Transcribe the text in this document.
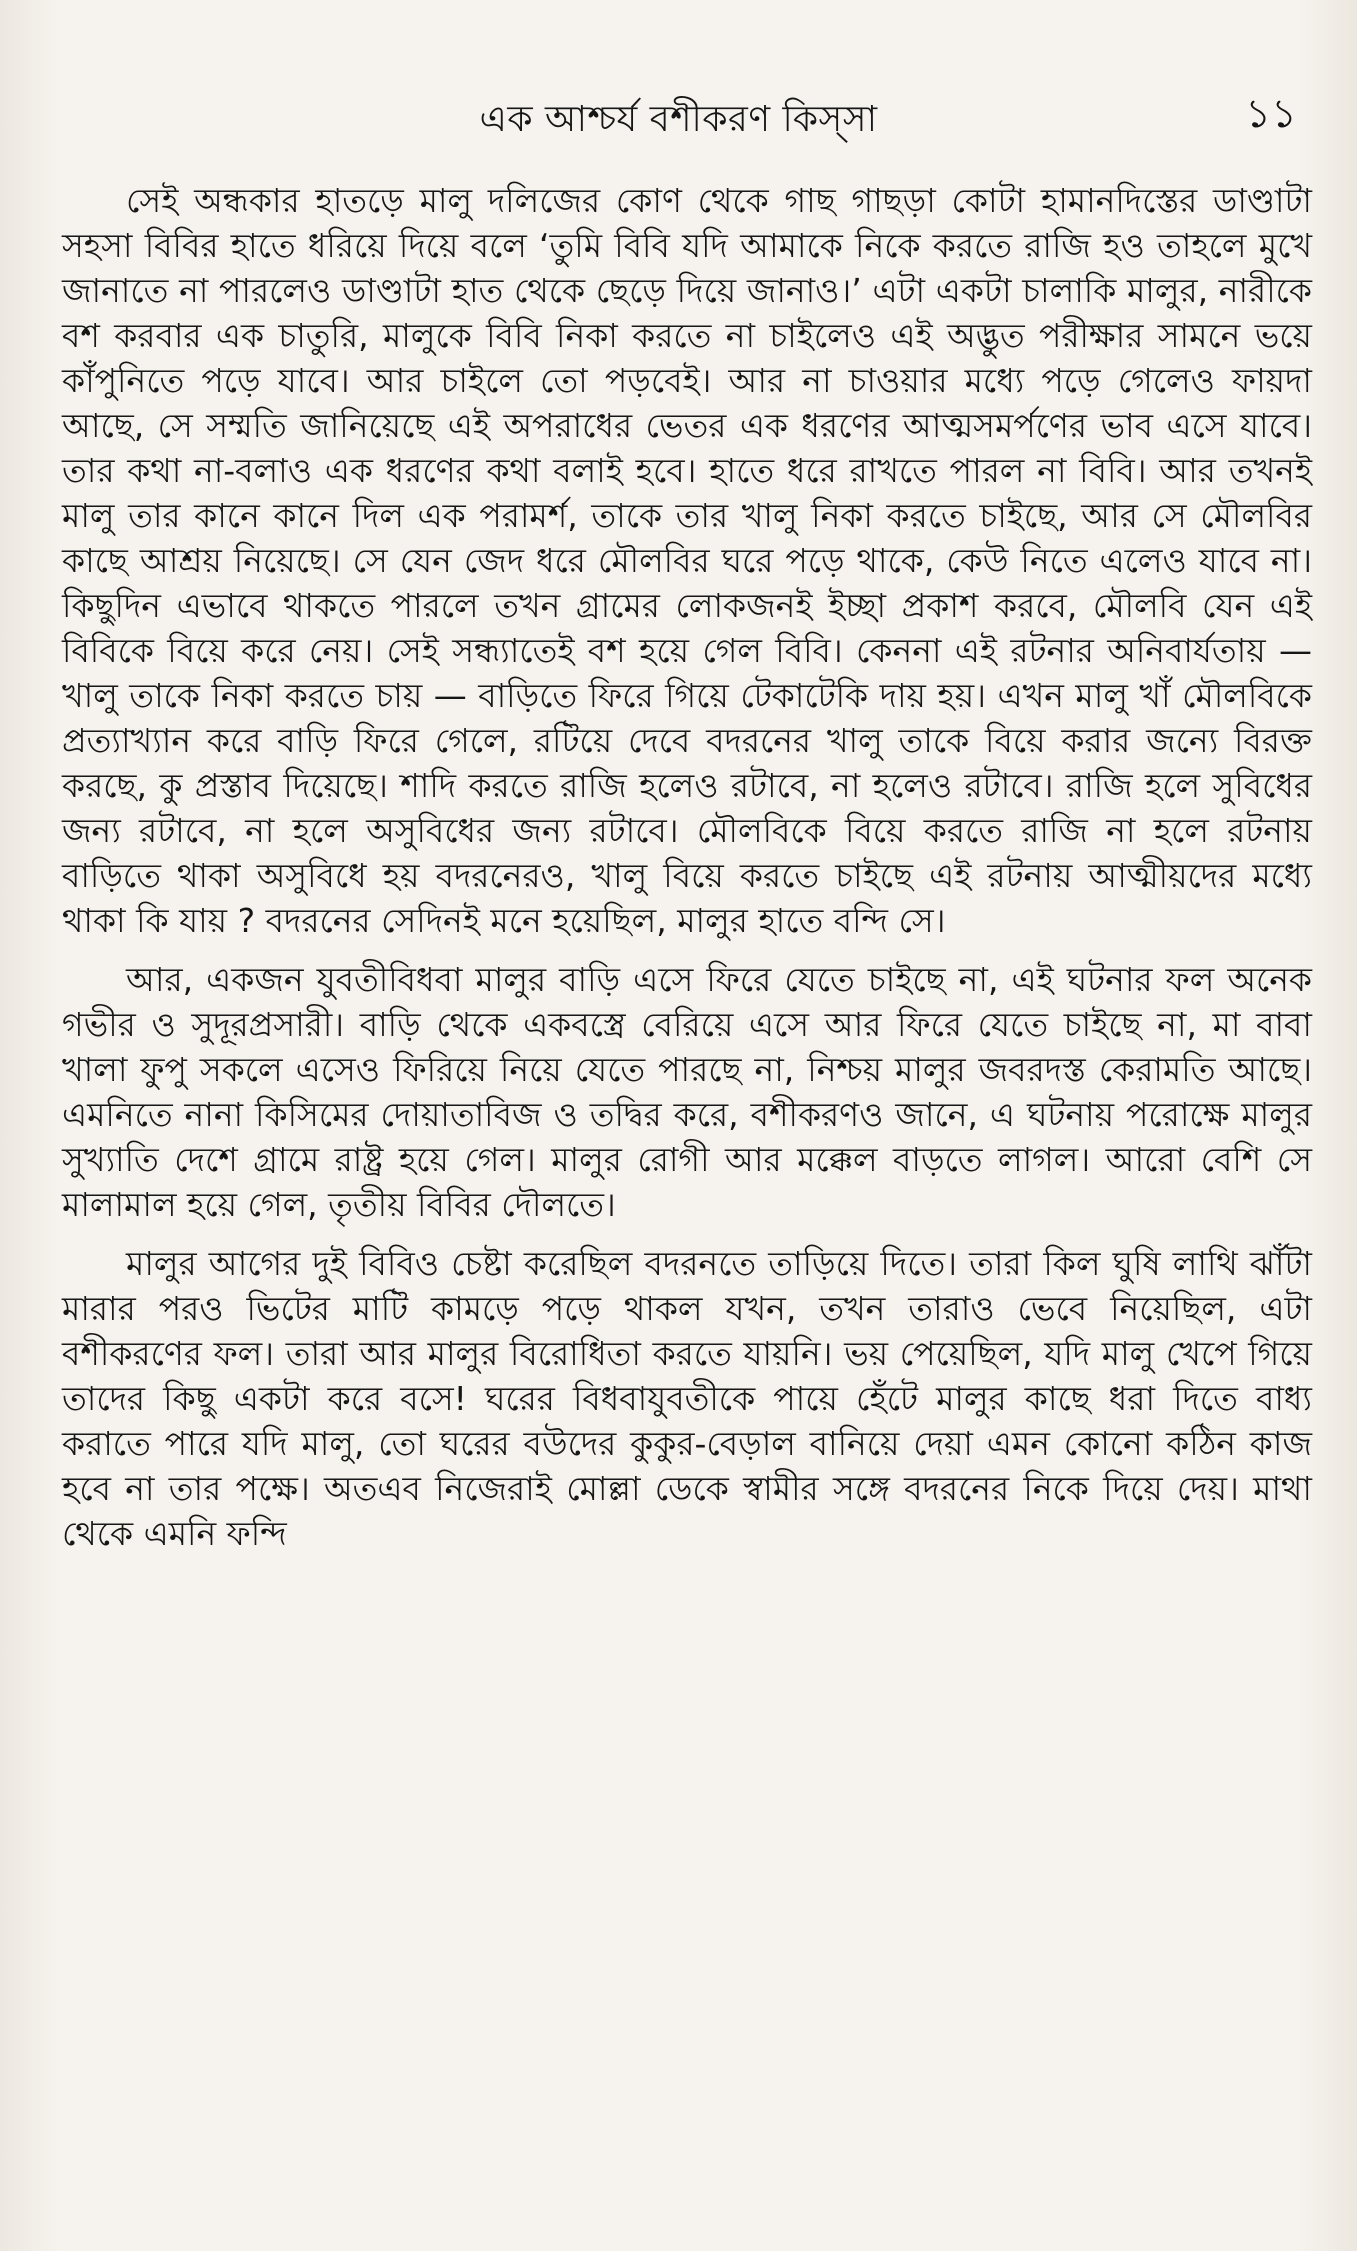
এক আশ্চর্য বশীকরণ কিস্সা	১১

সেই অন্ধকার হাতড়ে মালু দলিজের কোণ থেকে গাছ গাছড়া কোটা হামানদিস্তের ডাণ্ডাটা সহসা বিবির হাতে ধরিয়ে দিয়ে বলে ‘তুমি বিবি যদি আমাকে নিকে করতে রাজি হও তাহলে মুখে জানাতে না পারলেও ডাণ্ডাটা হাত থেকে ছেড়ে দিয়ে জানাও।’ এটা একটা চালাকি মালুর, নারীকে বশ করবার এক চাতুরি, মালুকে বিবি নিকা করতে না চাইলেও এই অদ্ভুত পরীক্ষার সামনে ভয়ে কাঁপুনিতে পড়ে যাবে। আর চাইলে তো পড়বেই। আর না চাওয়ার মধ্যে পড়ে গেলেও ফায়দা আছে, সে সম্মতি জানিয়েছে এই অপরাধের ভেতর এক ধরণের আত্মসমর্পণের ভাব এসে যাবে। তার কথা না-বলাও এক ধরণের কথা বলাই হবে। হাতে ধরে রাখতে পারল না বিবি। আর তখনই মালু তার কানে কানে দিল এক পরামর্শ, তাকে তার খালু নিকা করতে চাইছে, আর সে মৌলবির কাছে আশ্রয় নিয়েছে। সে যেন জেদ ধরে মৌলবির ঘরে পড়ে থাকে, কেউ নিতে এলেও যাবে না। কিছুদিন এভাবে থাকতে পারলে তখন গ্রামের লোকজনই ইচ্ছা প্রকাশ করবে, মৌলবি যেন এই বিবিকে বিয়ে করে নেয়। সেই সন্ধ্যাতেই বশ হয়ে গেল বিবি। কেননা এই রটনার অনিবার্যতায় — খালু তাকে নিকা করতে চায় — বাড়িতে ফিরে গিয়ে টেকাটেকি দায় হয়। এখন মালু খাঁ মৌলবিকে প্রত্যাখ্যান করে বাড়ি ফিরে গেলে, রটিয়ে দেবে বদরনের খালু তাকে বিয়ে করার জন্যে বিরক্ত করছে, কু প্রস্তাব দিয়েছে। শাদি করতে রাজি হলেও রটাবে, না হলেও রটাবে। রাজি হলে সুবিধের জন্য রটাবে, না হলে অসুবিধের জন্য রটাবে। মৌলবিকে বিয়ে করতে রাজি না হলে রটনায় বাড়িতে থাকা অসুবিধে হয় বদরনেরও, খালু বিয়ে করতে চাইছে এই রটনায় আত্মীয়দের মধ্যে থাকা কি যায় ? বদরনের সেদিনই মনে হয়েছিল, মালুর হাতে বন্দি সে।

আর, একজন যুবতীবিধবা মালুর বাড়ি এসে ফিরে যেতে চাইছে না, এই ঘটনার ফল অনেক গভীর ও সুদূরপ্রসারী। বাড়ি থেকে একবস্ত্রে বেরিয়ে এসে আর ফিরে যেতে চাইছে না, মা বাবা খালা ফুপু সকলে এসেও ফিরিয়ে নিয়ে যেতে পারছে না, নিশ্চয় মালুর জবরদস্ত কেরামতি আছে। এমনিতে নানা কিসিমের দোয়াতাবিজ ও তদ্বির করে, বশীকরণও জানে, এ ঘটনায় পরোক্ষে মালুর সুখ্যাতি দেশে গ্রামে রাষ্ট্র হয়ে গেল। মালুর রোগী আর মক্কেল বাড়তে লাগল। আরো বেশি সে মালামাল হয়ে গেল, তৃতীয় বিবির দৌলতে।

মালুর আগের দুই বিবিও চেষ্টা করেছিল বদরনতে তাড়িয়ে দিতে। তারা কিল ঘুষি লাথি ঝাঁটা মারার পরও ভিটের মাটি কামড়ে পড়ে থাকল যখন, তখন তারাও ভেবে নিয়েছিল, এটা বশীকরণের ফল। তারা আর মালুর বিরোধিতা করতে যায়নি। ভয় পেয়েছিল, যদি মালু খেপে গিয়ে তাদের কিছু একটা করে বসে! ঘরের বিধবাযুবতীকে পায়ে হেঁটে মালুর কাছে ধরা দিতে বাধ্য করাতে পারে যদি মালু, তো ঘরের বউদের কুকুর-বেড়াল বানিয়ে দেয়া এমন কোনো কঠিন কাজ হবে না তার পক্ষে। অতএব নিজেরাই মোল্লা ডেকে স্বামীর সঙ্গে বদরনের নিকে দিয়ে দেয়। মাথা থেকে এমনি ফন্দি
